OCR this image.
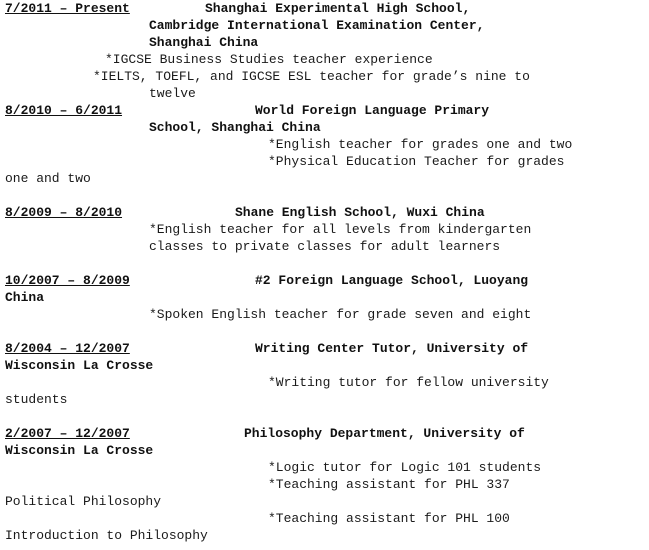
7/2011 – Present	Shanghai Experimental High School,
Cambridge International Examination Center,
Shanghai China
*IGCSE Business Studies teacher experience
*IELTS, TOEFL, and IGCSE ESL teacher for grade’s nine to
twelve
8/2010 – 6/2011	World Foreign Language Primary
School, Shanghai China
*English teacher for grades one and two
*Physical Education Teacher for grades
one and two
8/2009 – 8/2010	Shane English School, Wuxi China
*English teacher for all levels from kindergarten
classes to private classes for adult learners
10/2007 – 8/2009	#2 Foreign Language School, Luoyang
China
*Spoken English teacher for grade seven and eight
8/2004 – 12/2007	Writing Center Tutor, University of
Wisconsin La Crosse
*Writing tutor for fellow university
students
2/2007 – 12/2007	Philosophy Department, University of
Wisconsin La Crosse
*Logic tutor for Logic 101 students
*Teaching assistant for PHL 337
Political Philosophy
*Teaching assistant for PHL 100
Introduction to Philosophy
